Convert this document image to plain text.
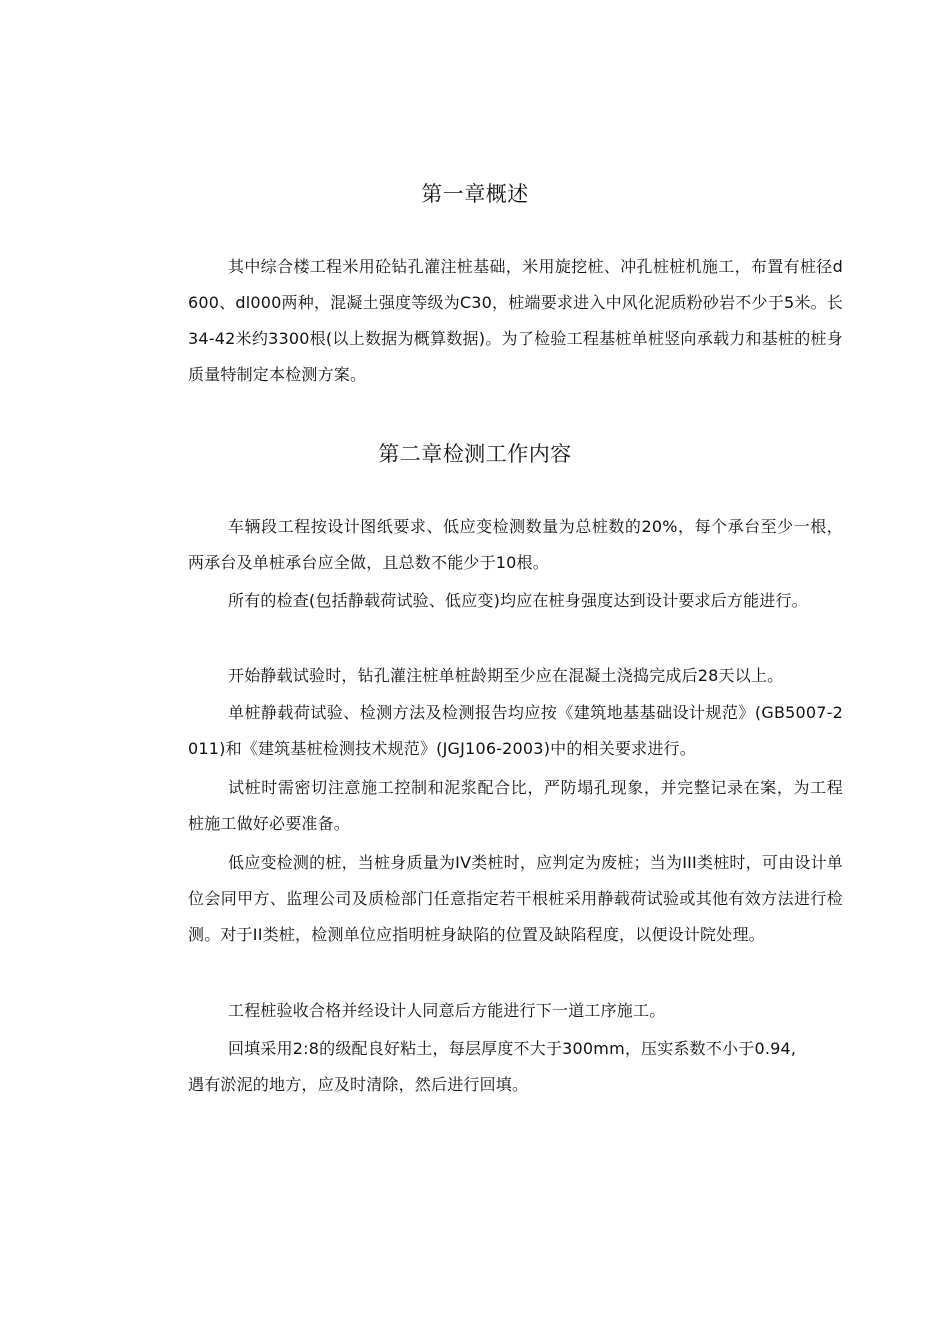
第一章概述

其中综合楼工程米用砼钻孔灌注桩基础，米用旋挖桩、冲孔桩桩机施工，布置有桩径d600、dl000两种，混凝土强度等级为C30，桩端要求进入中风化泥质粉砂岩不少于5米。长34-42米约3300根(以上数据为概算数据)。为了检验工程基桩单桩竖向承载力和基桩的桩身质量特制定本检测方案。

第二章检测工作内容

车辆段工程按设计图纸要求、低应变检测数量为总桩数的20%，每个承台至少一根，两承台及单桩承台应全做，且总数不能少于10根。

所有的检查(包括静载荷试验、低应变)均应在桩身强度达到设计要求后方能进行。

开始静载试验时，钻孔灌注桩单桩龄期至少应在混凝土浇捣完成后28天以上。

单桩静载荷试验、检测方法及检测报告均应按《建筑地基基础设计规范》(GB5007-2011)和《建筑基桩检测技术规范》(JGJ106-2003)中的相关要求进行。

试桩时需密切注意施工控制和泥浆配合比，严防塌孔现象，并完整记录在案，为工程桩施工做好必要准备。

低应变检测的桩，当桩身质量为IV类桩时，应判定为废桩；当为III类桩时，可由设计单位会同甲方、监理公司及质检部门任意指定若干根桩采用静载荷试验或其他有效方法进行检测。对于II类桩，检测单位应指明桩身缺陷的位置及缺陷程度，以便设计院处理。

工程桩验收合格并经设计人同意后方能进行下一道工序施工。

回填采用2:8的级配良好粘土，每层厚度不大于300mm，压实系数不小于0.94,遇有淤泥的地方，应及时清除，然后进行回填。
